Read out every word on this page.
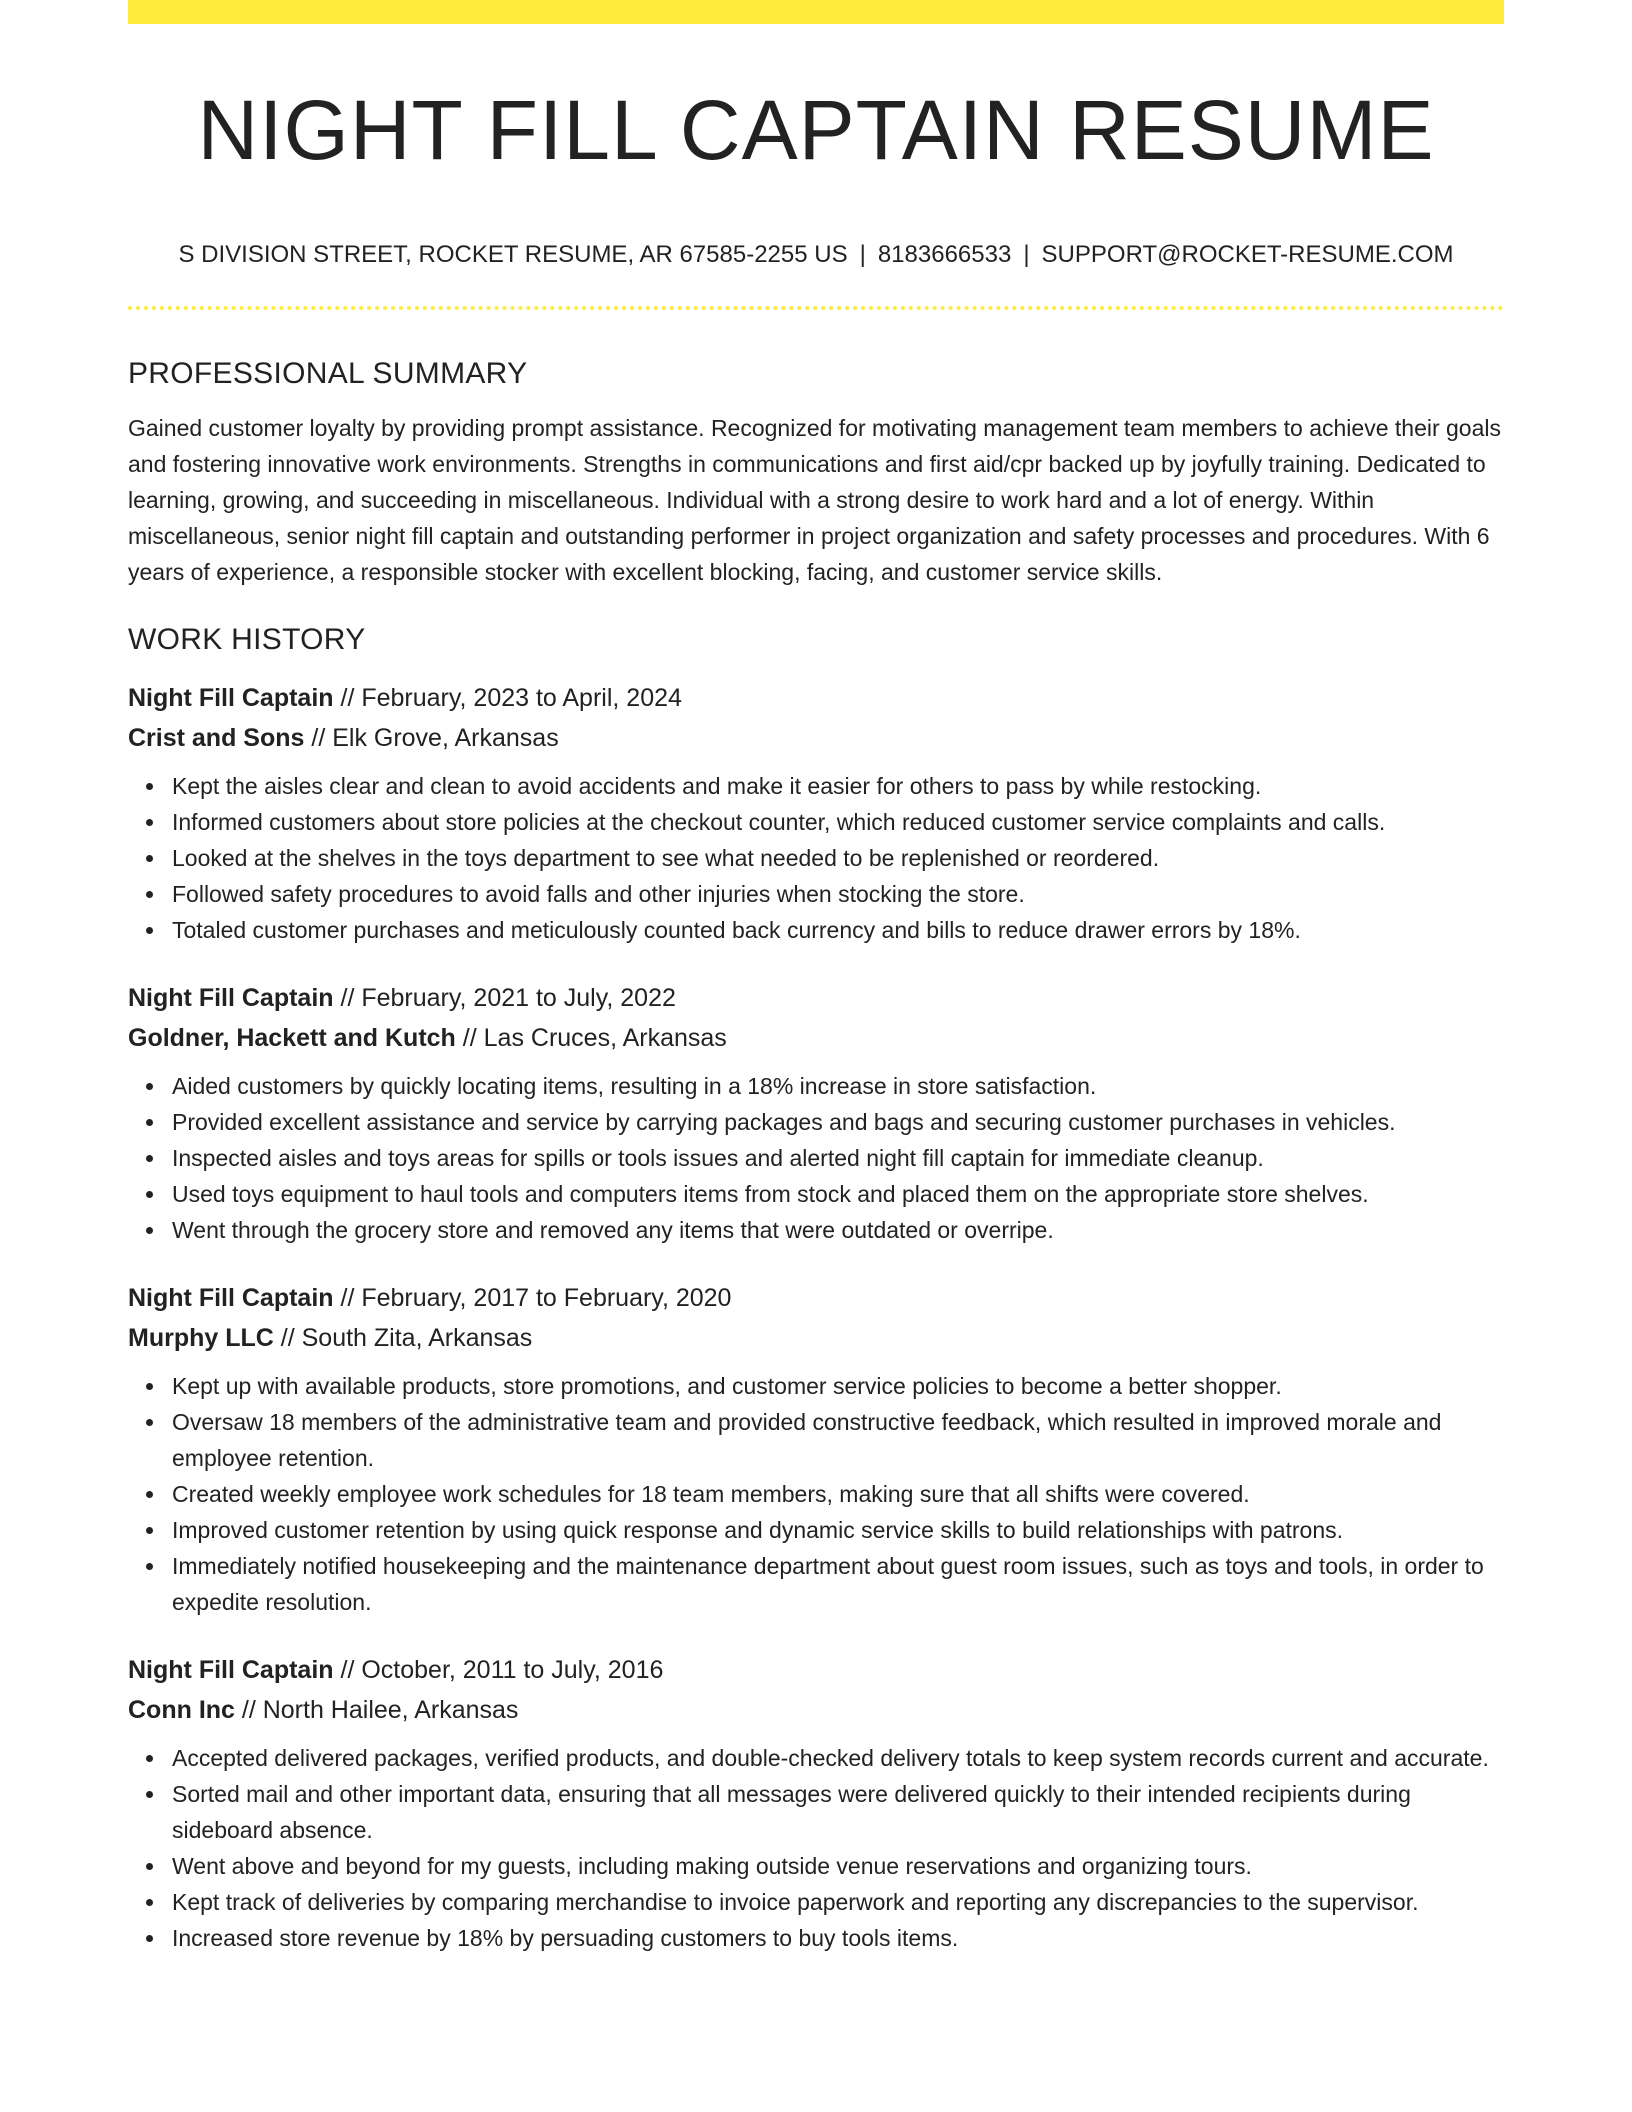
NIGHT FILL CAPTAIN RESUME
S DIVISION STREET, ROCKET RESUME, AR 67585-2255 US | 8183666533 | SUPPORT@ROCKET-RESUME.COM
PROFESSIONAL SUMMARY

Gained customer loyalty by providing prompt assistance. Recognized for motivating management team members to achieve their goals and fostering innovative work environments. Strengths in communications and first aid/cpr backed up by joyfully training. Dedicated to learning, growing, and succeeding in miscellaneous. Individual with a strong desire to work hard and a lot of energy. Within miscellaneous, senior night fill captain and outstanding performer in project organization and safety processes and procedures. With 6 years of experience, a responsible stocker with excellent blocking, facing, and customer service skills.

WORK HISTORY
Night Fill Captain // February, 2023 to April, 2024
Crist and Sons // Elk Grove, Arkansas
Kept the aisles clear and clean to avoid accidents and make it easier for others to pass by while restocking.
Informed customers about store policies at the checkout counter, which reduced customer service complaints and calls.
Looked at the shelves in the toys department to see what needed to be replenished or reordered.
Followed safety procedures to avoid falls and other injuries when stocking the store.
Totaled customer purchases and meticulously counted back currency and bills to reduce drawer errors by 18%.
Night Fill Captain // February, 2021 to July, 2022
Goldner, Hackett and Kutch // Las Cruces, Arkansas
Aided customers by quickly locating items, resulting in a 18% increase in store satisfaction.
Provided excellent assistance and service by carrying packages and bags and securing customer purchases in vehicles.
Inspected aisles and toys areas for spills or tools issues and alerted night fill captain for immediate cleanup.
Used toys equipment to haul tools and computers items from stock and placed them on the appropriate store shelves.
Went through the grocery store and removed any items that were outdated or overripe.
Night Fill Captain // February, 2017 to February, 2020
Murphy LLC // South Zita, Arkansas
Kept up with available products, store promotions, and customer service policies to become a better shopper.
Oversaw 18 members of the administrative team and provided constructive feedback, which resulted in improved morale and employee retention.
Created weekly employee work schedules for 18 team members, making sure that all shifts were covered.
Improved customer retention by using quick response and dynamic service skills to build relationships with patrons.
Immediately notified housekeeping and the maintenance department about guest room issues, such as toys and tools, in order to expedite resolution.
Night Fill Captain // October, 2011 to July, 2016
Conn Inc // North Hailee, Arkansas
Accepted delivered packages, verified products, and double-checked delivery totals to keep system records current and accurate.
Sorted mail and other important data, ensuring that all messages were delivered quickly to their intended recipients during sideboard absence.
Went above and beyond for my guests, including making outside venue reservations and organizing tours.
Kept track of deliveries by comparing merchandise to invoice paperwork and reporting any discrepancies to the supervisor.
Increased store revenue by 18% by persuading customers to buy tools items.
